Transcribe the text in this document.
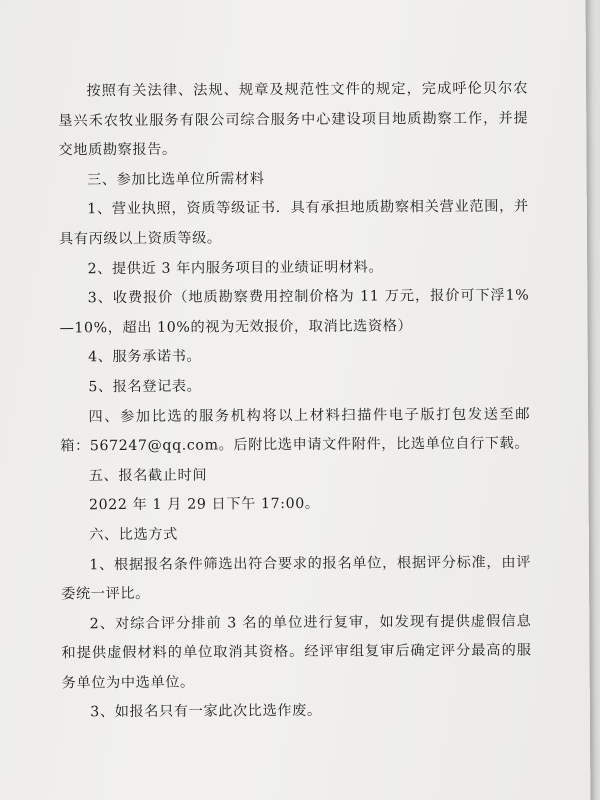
按照有关法律、法规、规章及规范性文件的规定，完成呼伦贝尔农垦兴禾农牧业服务有限公司综合服务中心建设项目地质勘察工作，并提交地质勘察报告。

三、参加比选单位所需材料

1、营业执照，资质等级证书．具有承担地质勘察相关营业范围，并具有丙级以上资质等级。

2、提供近 3 年内服务项目的业绩证明材料。

3、收费报价（地质勘察费用控制价格为 11 万元，报价可下浮1%—10%，超出 10%的视为无效报价，取消比选资格）

4、服务承诺书。

5、报名登记表。

四、参加比选的服务机构将以上材料扫描件电子版打包发送至邮箱：567247@qq.com。后附比选申请文件附件，比选单位自行下载。

五、报名截止时间

2022 年 1 月 29 日下午 17:00。

六、比选方式

1、根据报名条件筛选出符合要求的报名单位，根据评分标准，由评委统一评比。

2、对综合评分排前 3 名的单位进行复审，如发现有提供虚假信息和提供虚假材料的单位取消其资格。经评审组复审后确定评分最高的服务单位为中选单位。

3、如报名只有一家此次比选作废。
